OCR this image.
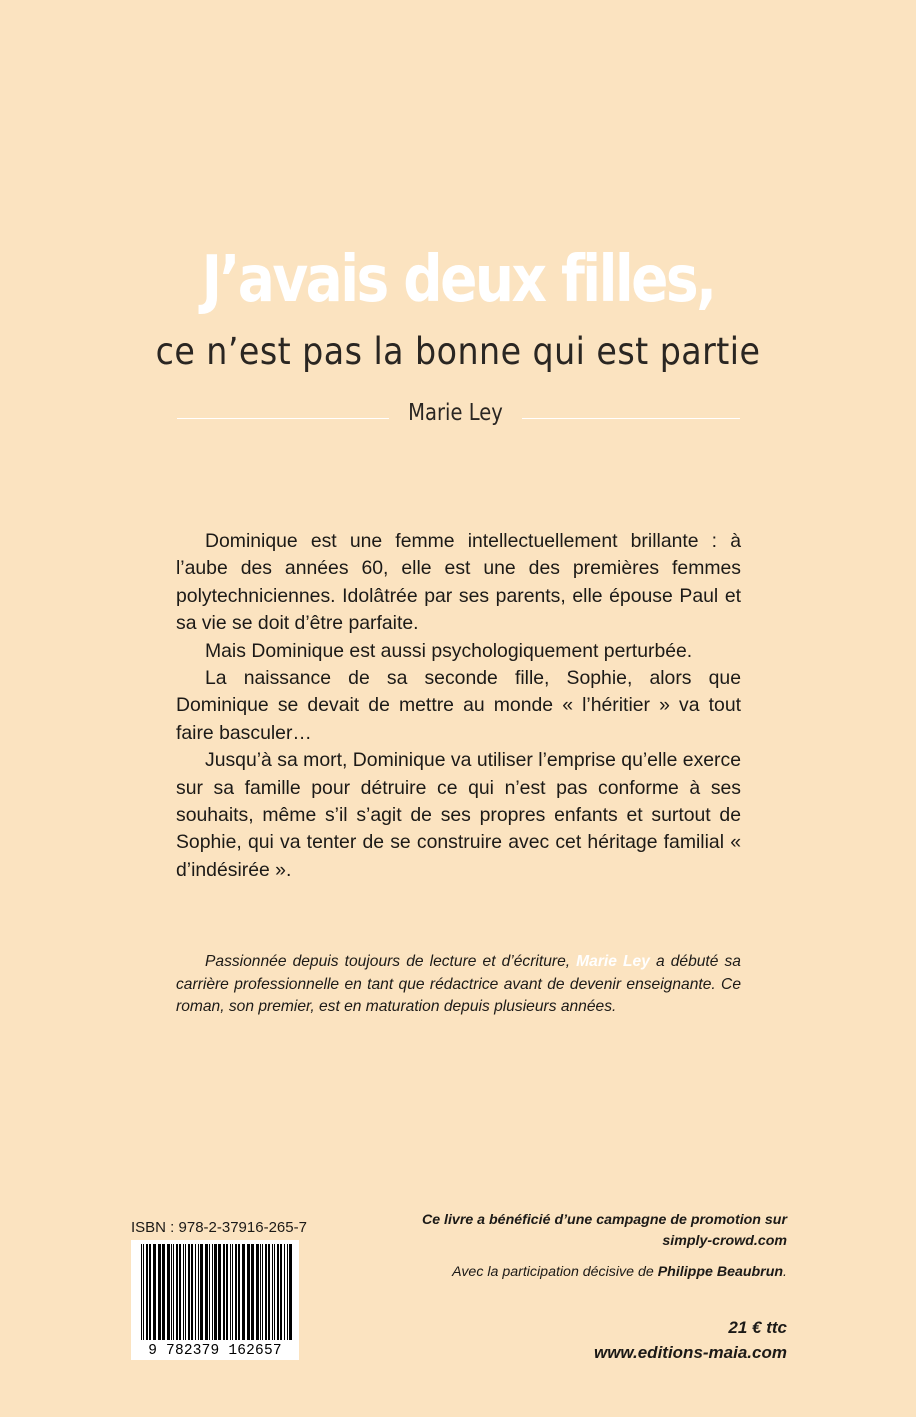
J’avais deux filles,
ce n’est pas la bonne qui est partie
Marie Ley

Dominique est une femme intellectuellement brillante : à l’aube des années 60, elle est une des premières femmes polytechniciennes. Idolâtrée par ses parents, elle épouse Paul et sa vie se doit d’être parfaite.

Mais Dominique est aussi psychologiquement perturbée.

La naissance de sa seconde fille, Sophie, alors que Dominique se devait de mettre au monde « l’héritier » va tout faire basculer…

Jusqu’à sa mort, Dominique va utiliser l’emprise qu’elle exerce sur sa famille pour détruire ce qui n’est pas conforme à ses souhaits, même s’il s’agit de ses propres enfants et surtout de Sophie, qui va tenter de se construire avec cet héritage familial « d’indésirée ».

Passionnée depuis toujours de lecture et d’écriture, Marie Ley a débuté sa carrière professionnelle en tant que rédactrice avant de devenir enseignante. Ce roman, son premier, est en maturation depuis plusieurs années.
ISBN : 978-2-37916-265-7
9 782379 162657
Ce livre a bénéficié d’une campagne de promotion sur
simply-crowd.com
Avec la participation décisive de Philippe Beaubrun.
21 € ttc
www.editions-maia.com
